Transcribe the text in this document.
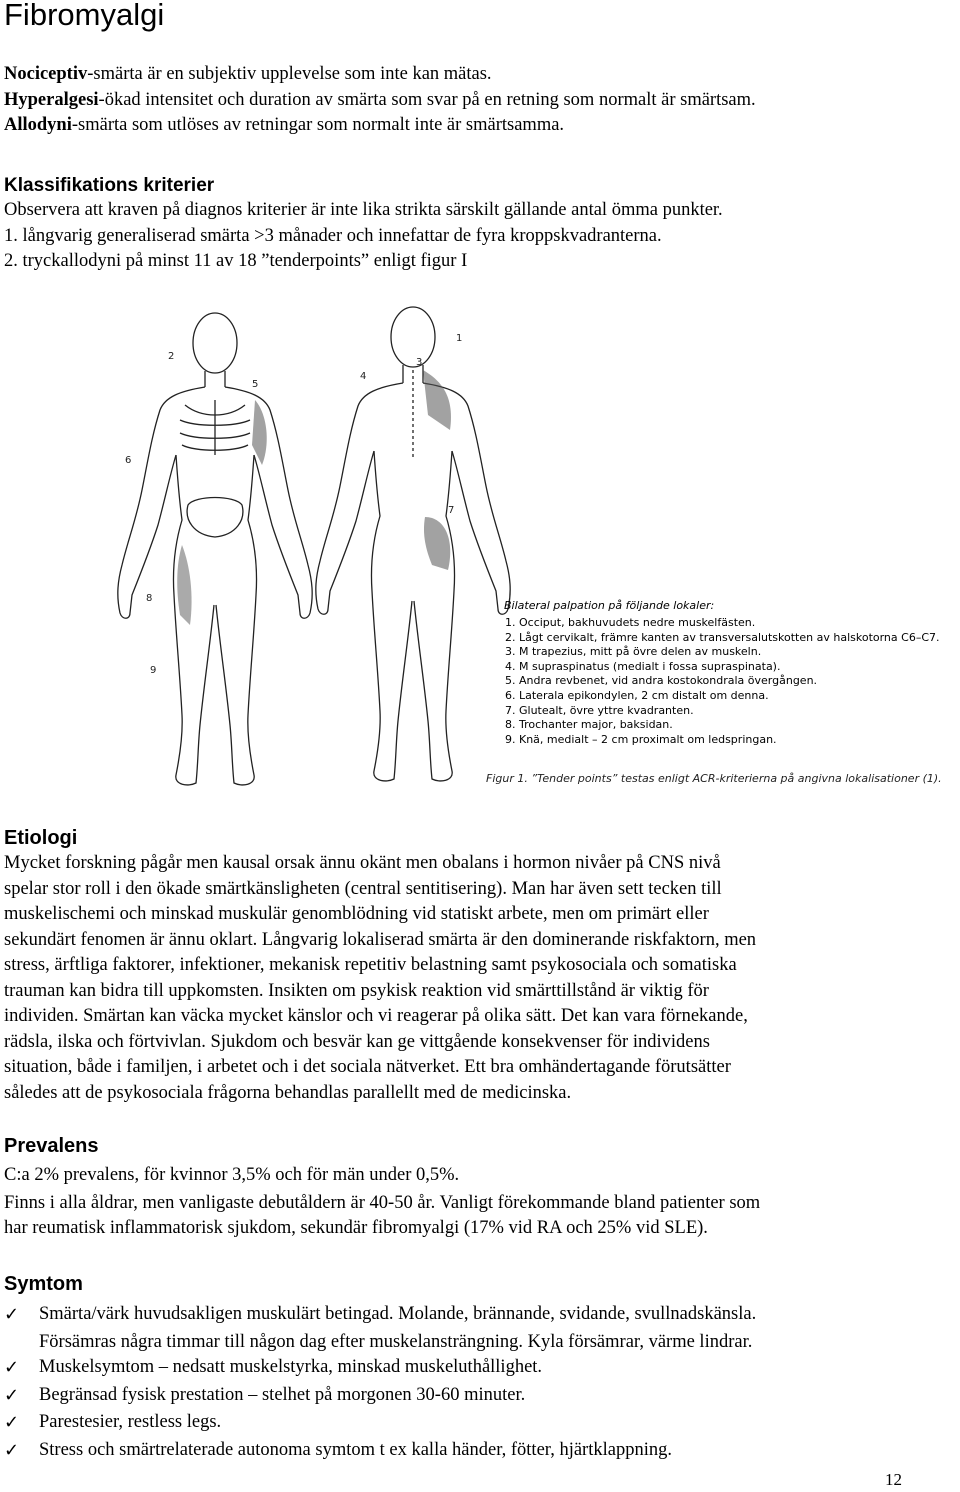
Fibromyalgi

Nociceptiv-smärta är en subjektiv upplevelse som inte kan mätas.

Hyperalgesi-ökad intensitet och duration av smärta som svar på en retning som normalt är smärtsam.

Allodyni-smärta som utlöses av retningar som normalt inte är smärtsamma.

Klassifikations kriterier

Observera att kraven på diagnos kriterier är inte lika strikta särskilt gällande antal ömma punkter.

1. långvarig generaliserad smärta >3 månader och innefattar de fyra kroppskvadranterna.

2. tryckallodyni på minst 11 av 18 ”tenderpoints” enligt figur I

1
2
3
4
5
6
7
8
9
Bilateral palpation på följande lokaler:
1. Occiput, bakhuvudets nedre muskelfästen.
2. Lågt cervikalt, främre kanten av transversalutskotten av halskotorna C6–C7.
3. M trapezius, mitt på övre delen av muskeln.
4. M supraspinatus (medialt i fossa supraspinata).
5. Andra revbenet, vid andra kostokondrala övergången.
6. Laterala epikondylen, 2 cm distalt om denna.
7. Glutealt, övre yttre kvadranten.
8. Trochanter major, baksidan.
9. Knä, medialt – 2 cm proximalt om ledspringan.
Figur 1. ”Tender points” testas enligt ACR-kriterierna på angivna lokalisationer (1).
Etiologi

Mycket forskning pågår men kausal orsak ännu okänt men obalans i hormon nivåer på CNS nivå

spelar stor roll i den ökade smärtkänsligheten (central sentitisering). Man har även sett tecken till

muskelischemi och minskad muskulär genomblödning vid statiskt arbete, men om primärt eller

sekundärt fenomen är ännu oklart. Långvarig lokaliserad smärta är den dominerande riskfaktorn, men

stress, ärftliga faktorer, infektioner, mekanisk repetitiv belastning samt psykosociala och somatiska

trauman kan bidra till uppkomsten. Insikten om psykisk reaktion vid smärttillstånd är viktig för

individen. Smärtan kan väcka mycket känslor och vi reagerar på olika sätt. Det kan vara förnekande,

rädsla, ilska och förtvivlan. Sjukdom och besvär kan ge vittgående konsekvenser för individens

situation, både i familjen, i arbetet och i det sociala nätverket. Ett bra omhändertagande förutsätter

således att de psykosociala frågorna behandlas parallellt med de medicinska.

Prevalens

C:a 2% prevalens, för kvinnor 3,5% och för män under 0,5%.

Finns i alla åldrar, men vanligaste debutåldern är 40-50 år. Vanligt förekommande bland patienter som

har reumatisk inflammatorisk sjukdom, sekundär fibromyalgi (17% vid RA och 25% vid SLE).

Symtom
✓ Smärta/värk huvudsakligen muskulärt betingad. Molande, brännande, svidande, svullnadskänsla.
Försämras några timmar till någon dag efter muskelansträngning. Kyla försämrar, värme lindrar.
✓ Muskelsymtom – nedsatt muskelstyrka, minskad muskeluthållighet.
✓ Begränsad fysisk prestation – stelhet på morgonen 30-60 minuter.
✓ Parestesier, restless legs.
✓ Stress och smärtrelaterade autonoma symtom t ex kalla händer, fötter, hjärtklappning.
12
